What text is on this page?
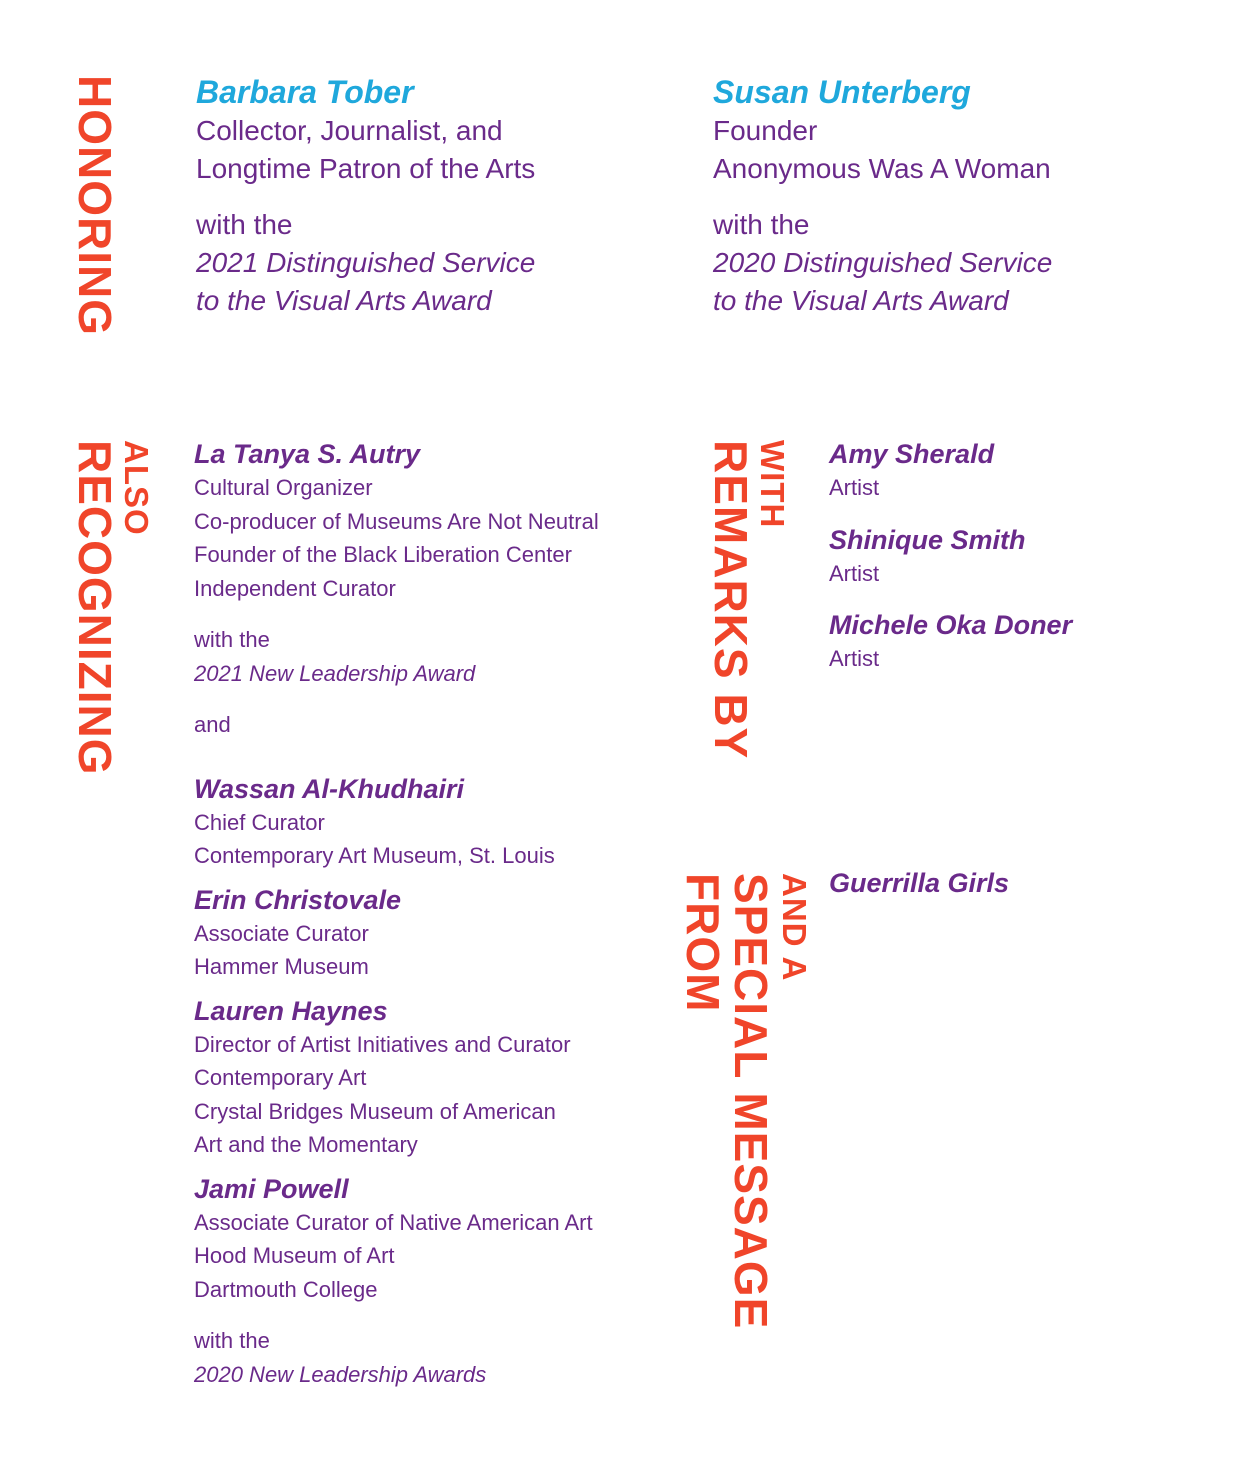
HONORING
ALSO
RECOGNIZING	WITH
REMARKS BY
AND A
SPECIAL MESSAGE
FROM
Barbara Tober
Collector, Journalist, and
Longtime Patron of the Arts
with the
2021 Distinguished Service
to the Visual Arts Award
Susan Unterberg
Founder
Anonymous Was A Woman
with the
2020 Distinguished Service
to the Visual Arts Award
La Tanya S. Autry
Cultural Organizer
Co-producer of Museums Are Not Neutral
Founder of the Black Liberation Center
Independent Curator
with the
2021 New Leadership Award
and
Wassan Al-Khudhairi
Chief Curator
Contemporary Art Museum, St. Louis
Erin Christovale
Associate Curator
Hammer Museum
Lauren Haynes
Director of Artist Initiatives and Curator
Contemporary Art
Crystal Bridges Museum of American
Art and the Momentary
Jami Powell
Associate Curator of Native American Art
Hood Museum of Art
Dartmouth College
with the
2020 New Leadership Awards
Amy Sherald
Artist
Shinique Smith
Artist
Michele Oka Doner
Artist
Guerrilla Girls
